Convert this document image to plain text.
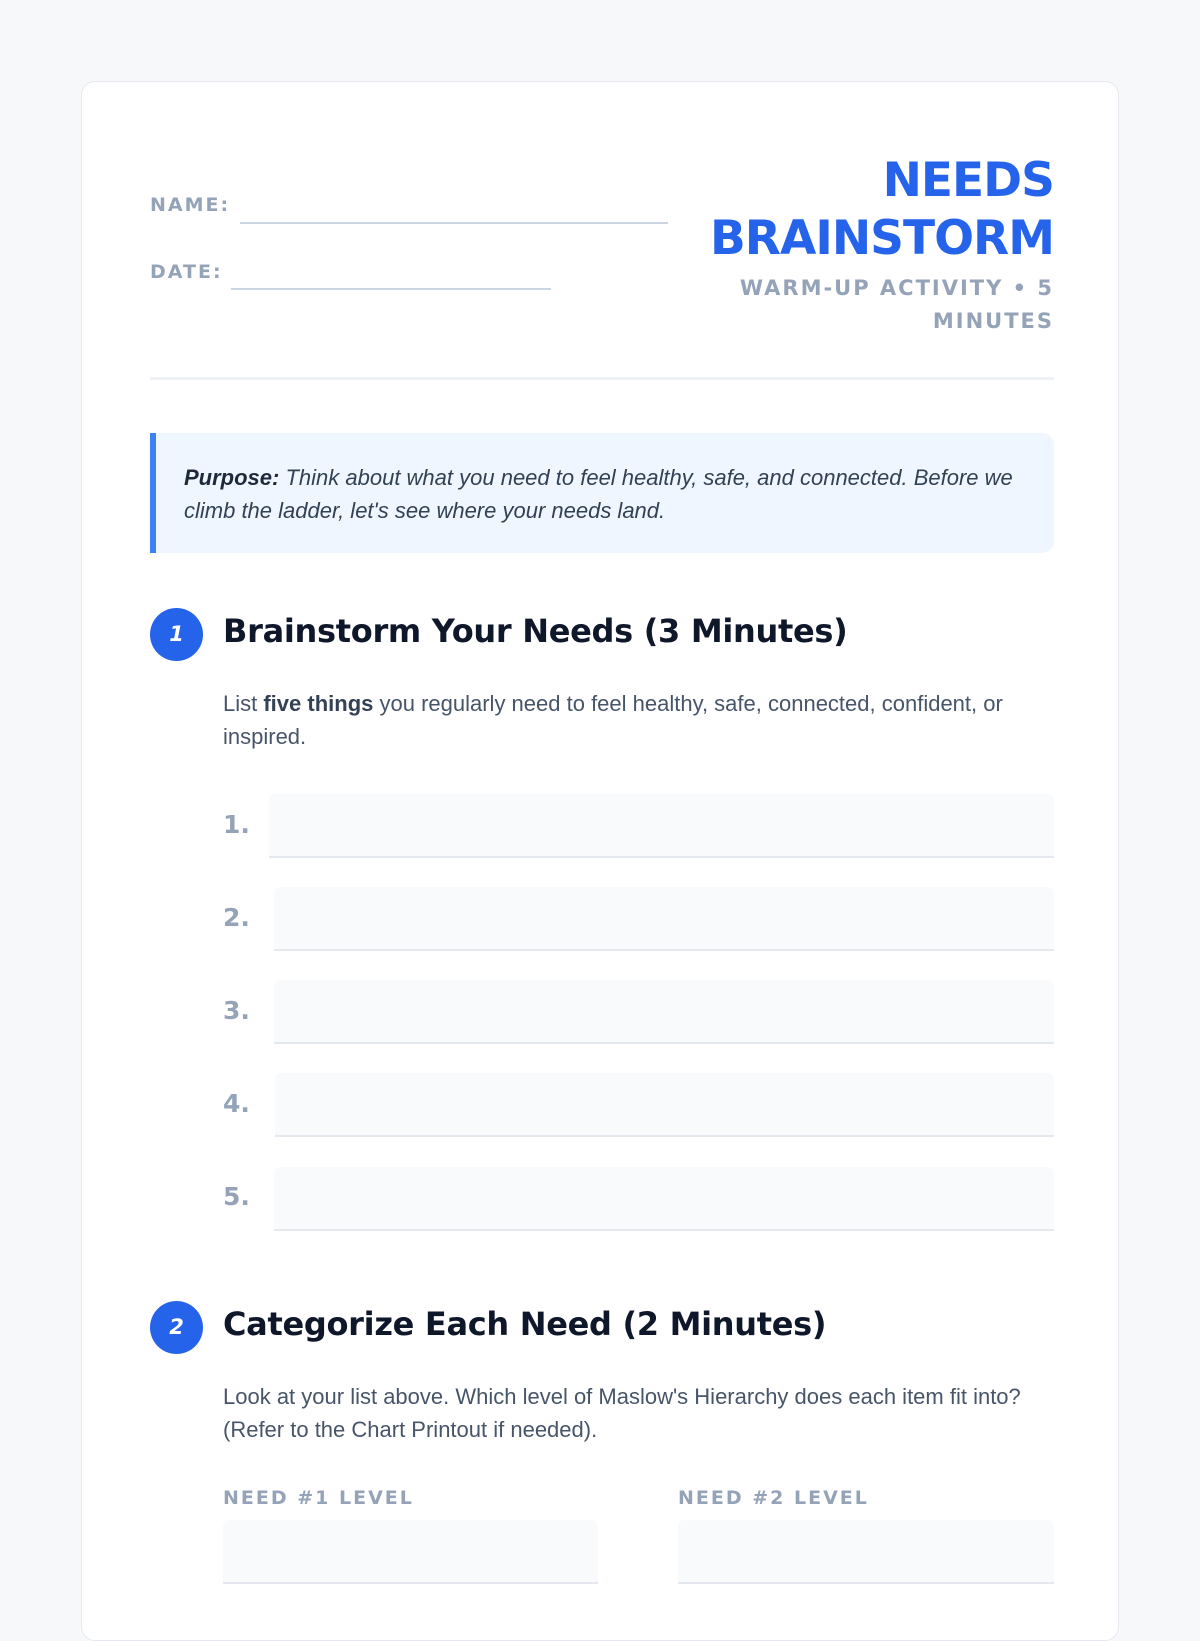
NAME:
DATE:
NEEDS
BRAINSTORM

WARM-UP ACTIVITY • 5
MINUTES

Purpose: Think about what you need to feel healthy, safe, and connected. Before we climb the ladder, let's see where your needs land.
1	Brainstorm Your Needs (3 Minutes)

List five things you regularly need to feel healthy, safe, connected, confident, or inspired.

1.
2.
3.
4.
5.
2	Categorize Each Need (2 Minutes)

Look at your list above. Which level of Maslow's Hierarchy does each item fit into? (Refer to the Chart Printout if needed).

NEED #1 LEVEL	NEED #2 LEVEL
